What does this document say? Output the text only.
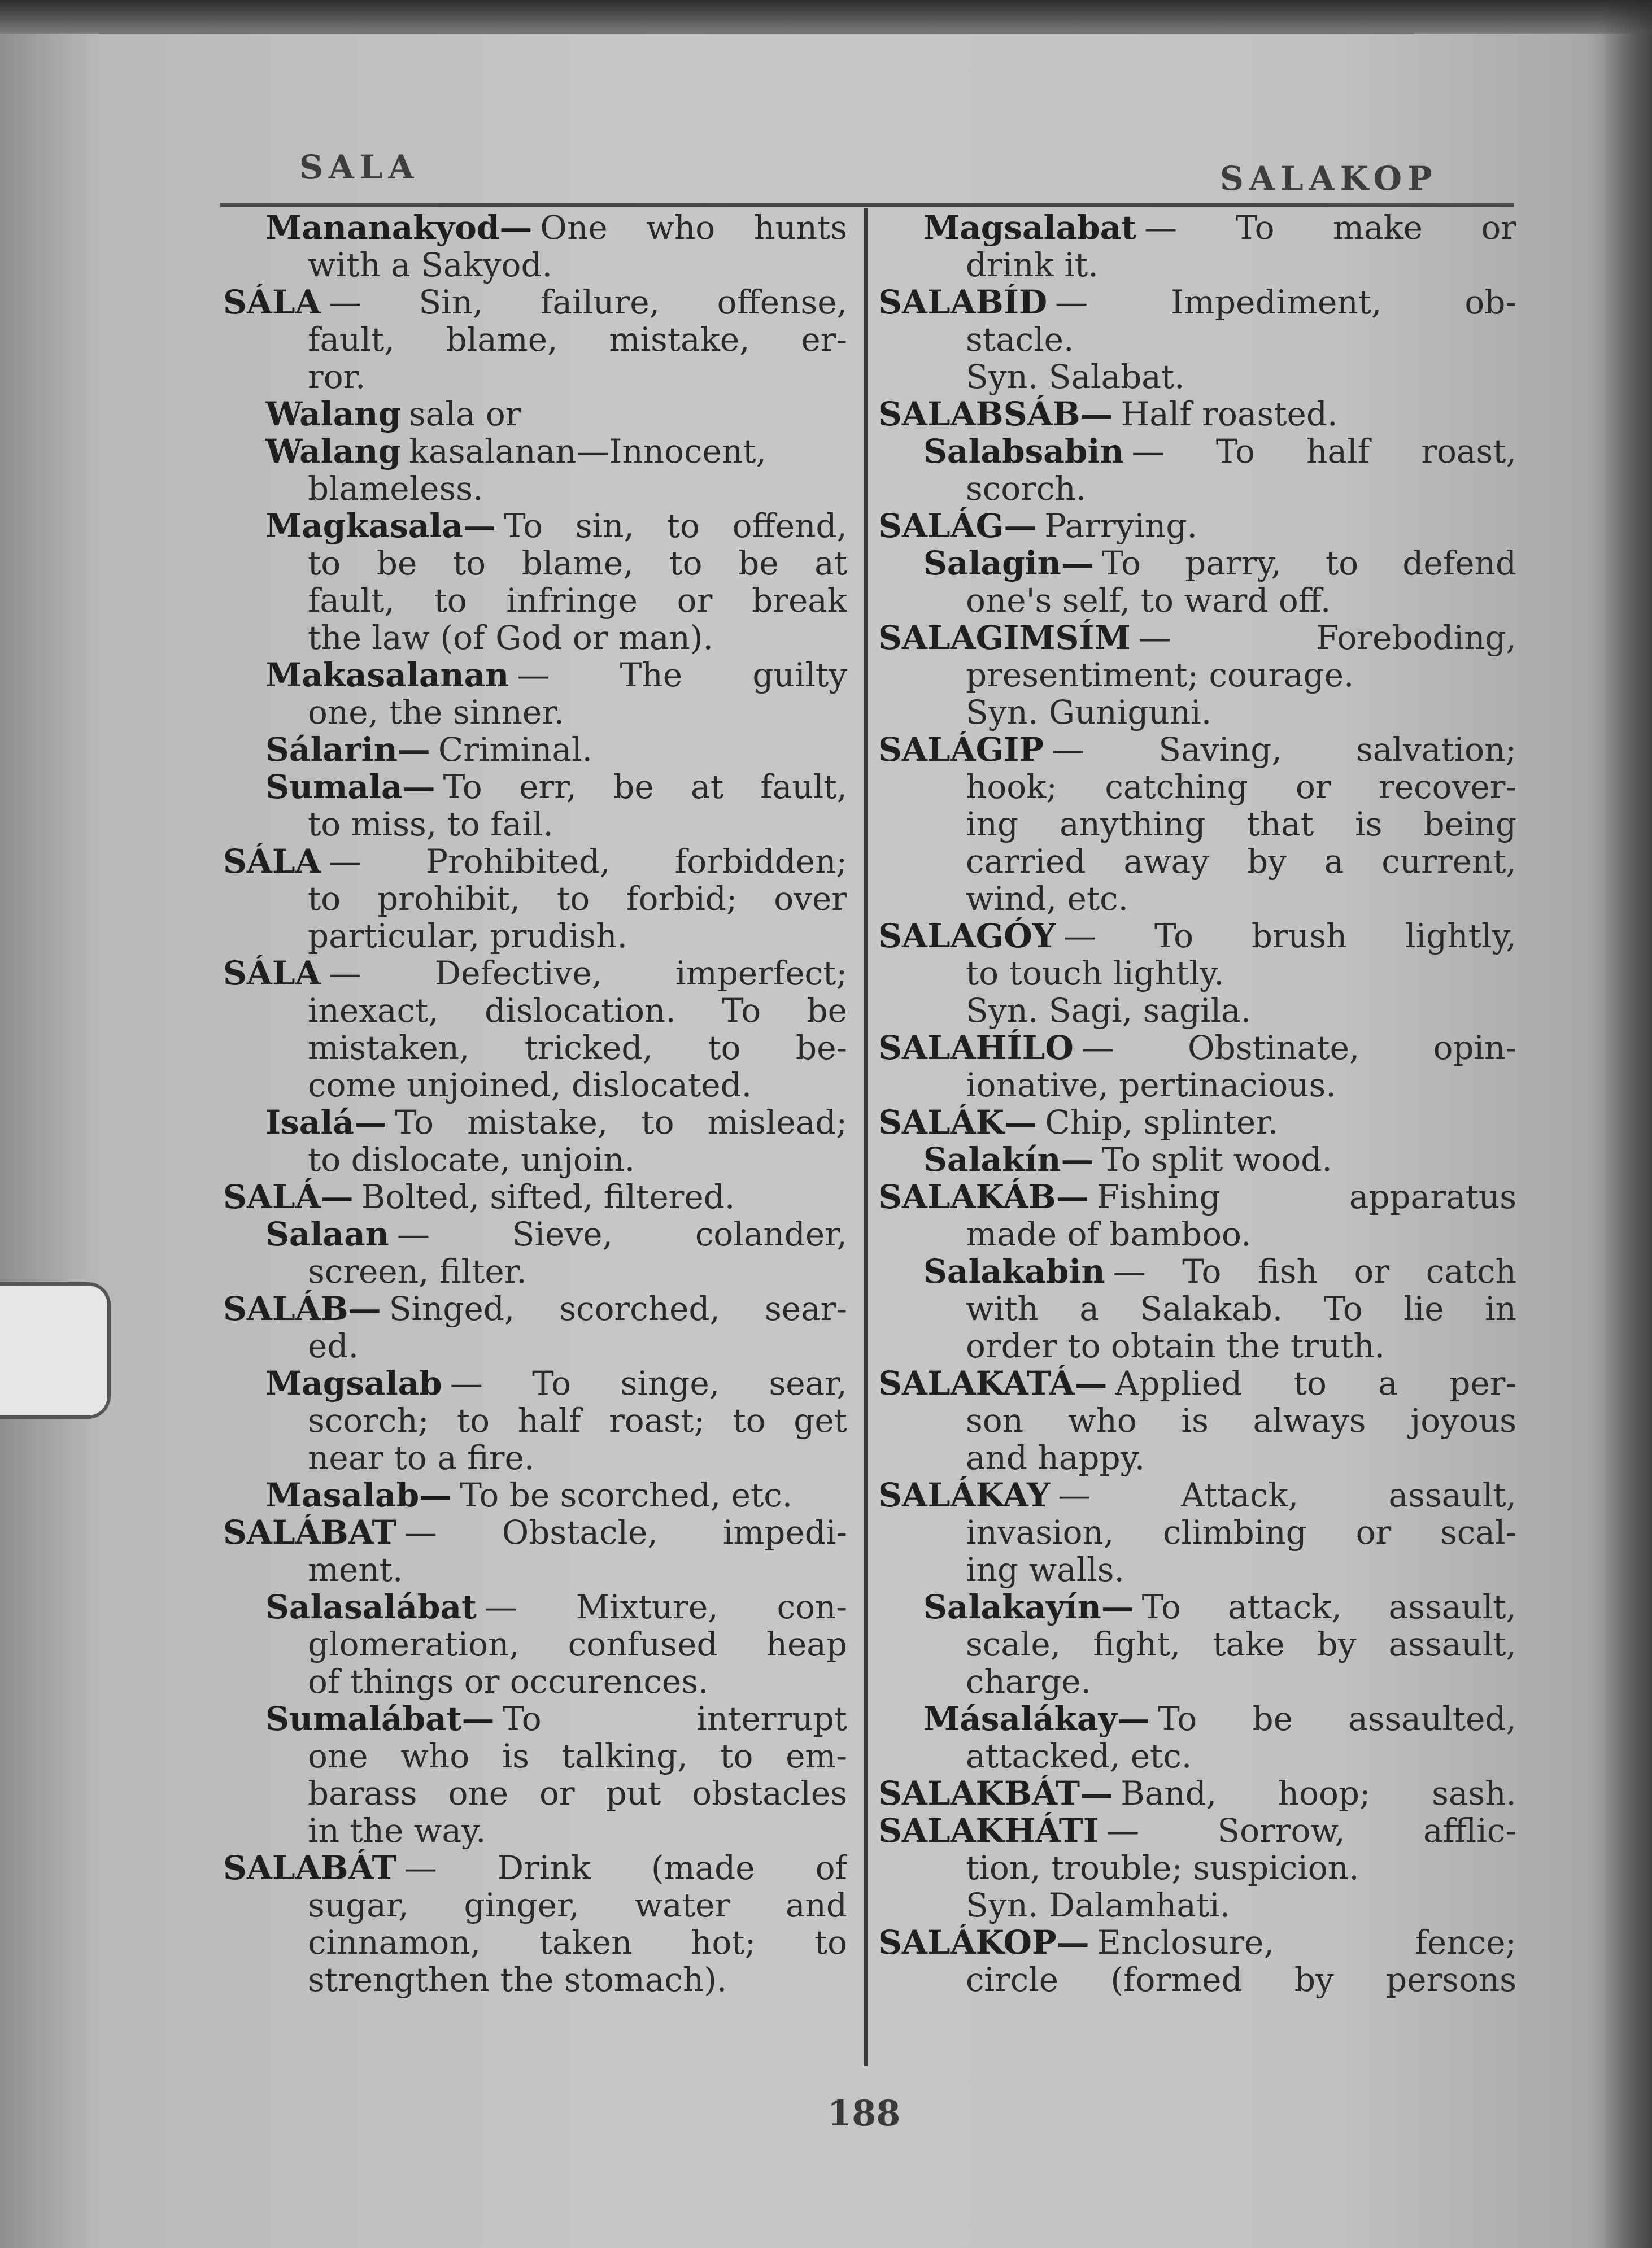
SALA	SALAKOP
Mananakyod— One who hunts
with a Sakyod.
SÁLA — Sin, failure, offense,
fault, blame, mistake, er-
ror.
Walang sala or
Walang kasalanan—Innocent,
blameless.
Magkasala— To sin, to offend,
to be to blame, to be at
fault, to infringe or break
the law (of God or man).
Makasalanan — The guilty
one, the sinner.
Sálarin— Criminal.
Sumala— To err, be at fault,
to miss, to fail.
SÁLA — Prohibited, forbidden;
to prohibit, to forbid; over
particular, prudish.
SÁLA — Defective, imperfect;
inexact, dislocation. To be
mistaken, tricked, to be-
come unjoined, dislocated.
Isalá— To mistake, to mislead;
to dislocate, unjoin.
SALÁ— Bolted, sifted, filtered.
Salaan — Sieve, colander,
screen, filter.
SALÁB— Singed, scorched, sear-
ed.
Magsalab — To singe, sear,
scorch; to half roast; to get
near to a fire.
Masalab— To be scorched, etc.
SALÁBAT — Obstacle, impedi-
ment.
Salasalábat — Mixture, con-
glomeration, confused heap
of things or occurences.
Sumalábat— To interrupt
one who is talking, to em-
barass one or put obstacles
in the way.
SALABÁT — Drink (made of
sugar, ginger, water and
cinnamon, taken hot; to
strengthen the stomach).
Magsalabat — To make or
drink it.
SALABÍD — Impediment, ob-
stacle.
Syn. Salabat.
SALABSÁB— Half roasted.
Salabsabin — To half roast,
scorch.
SALÁG— Parrying.
Salagin— To parry, to defend
one's self, to ward off.
SALAGIMSÍM — Foreboding,
presentiment; courage.
Syn. Guniguni.
SALÁGIP — Saving, salvation;
hook; catching or recover-
ing anything that is being
carried away by a current,
wind, etc.
SALAGÓY — To brush lightly,
to touch lightly.
Syn. Sagi, sagila.
SALAHÍLO — Obstinate, opin-
ionative, pertinacious.
SALÁK— Chip, splinter.
Salakín— To split wood.
SALAKÁB— Fishing apparatus
made of bamboo.
Salakabin — To fish or catch
with a Salakab. To lie in
order to obtain the truth.
SALAKATÁ— Applied to a per-
son who is always joyous
and happy.
SALÁKAY — Attack, assault,
invasion, climbing or scal-
ing walls.
Salakayín— To attack, assault,
scale, fight, take by assault,
charge.
Másalákay— To be assaulted,
attacked, etc.
SALAKBÁT— Band, hoop; sash.
SALAKHÁTI — Sorrow, afflic-
tion, trouble; suspicion.
Syn. Dalamhati.
SALÁKOP— Enclosure, fence;
circle (formed by persons
188
